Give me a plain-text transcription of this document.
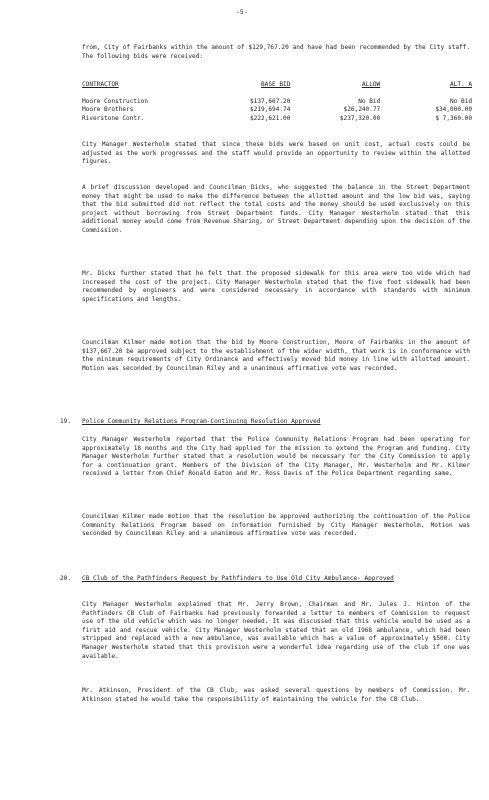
-5-

from, City of Fairbanks within the amount of $129,767.20 and have had been recommended by the City staff. The following bids were received:

CONTRACTOR	BASE BID	ALLOW	ALT. A
Moore Construction	$137,667.20	No Bid	No Bid
Moore Brothers	$219,694.74	$26,240.77	$34,000.00
Riverstone Contr.	$222,621.00	$237,320.00	$ 7,360.00

City Manager Westerholm stated that since these bids were based on unit cost, actual costs could be adjusted as the work progresses and the staff would provide an opportunity to review within the allotted figures.

A brief discussion developed and Councilman Dicks, who suggested the balance in the Street Department money that might be used to make the difference between the allotted amount and the low bid was, saying that the bid submitted did not reflect the total costs and the money should be used exclusively on this project without borrowing from Street Department funds. City Manager Westerholm stated that this additional money would come from Revenue Sharing, or Street Department depending upon the decision of the Commission.

Mr. Dicks further stated that he felt that the proposed sidewalk for this area were too wide which had increased the cost of the project. City Manager Westerholm stated that the five foot sidewalk had been recommended by engineers and were considered necessary in accordance with standards with minimum specifications and lengths.

Councilman Kilmer made motion that the bid by Moore Construction, Moore of Fairbanks in the amount of $137,667.20 be approved subject to the establishment of the wider width, that work is in conformance with the minimum requirements of City Ordinance and effectively moved bid money in line with allotted amount. Motion was seconded by Councilman Riley and a unanimous affirmative vote was recorded.

19. Police Community Relations Program-Continuing Resolution Approved

City Manager Westerholm reported that the Police Community Relations Program had been operating for approximately 18 months and the City had applied for the mission to extend the Program and funding. City Manager Westerholm further stated that a resolution would be necessary for the City Commission to apply for a continuation grant. Members of the Division of the City Manager, Mr. Westerholm and Mr. Kilmer received a letter from Chief Ronald Eaton and Mr. Ross Davis of the Police Department regarding same.

Councilman Kilmer made motion that the resolution be approved authorizing the continuation of the Police Community Relations Program based on information furnished by City Manager Westerholm. Motion was seconded by Councilman Riley and a unanimous affirmative vote was recorded.

20. CB Club of the Pathfinders Request by Pathfinders to Use Old City Ambulance- Approved

City Manager Westerholm explained that Mr. Jerry Brown, Chairman and Mr. Jules J. Hinton of the Pathfinders CB Club of Fairbanks had previously forwarded a letter to members of Commission to request use of the old vehicle which was no longer needed. It was discussed that this vehicle would be used as a first aid and rescue vehicle. City Manager Westerholm stated that an old 1968 ambulance, which had been stripped and replaced with a new ambulance, was available which has a value of approximately $500. City Manager Westerholm stated that this provision were a wonderful idea regarding use of the club if one was available.

Mr. Atkinson, President of the CB Club, was asked several questions by members of Commission. Mr. Atkinson stated he would take the responsibility of maintaining the vehicle for the CB Club.
